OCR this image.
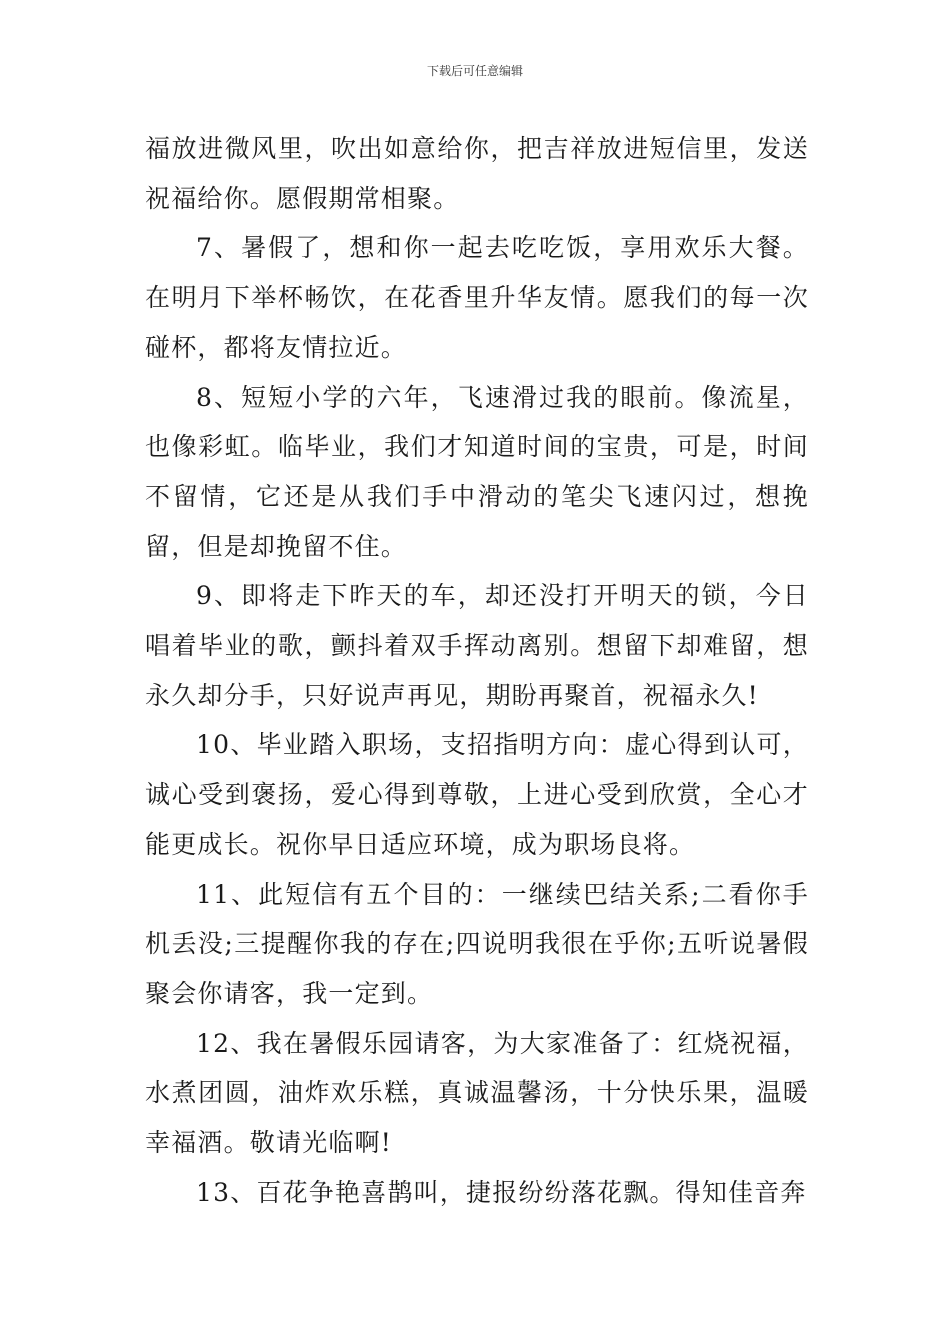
下载后可任意编辑

福放进微风里，吹出如意给你，把吉祥放进短信里，发送祝福给你。愿假期常相聚。

7、暑假了，想和你一起去吃吃饭，享用欢乐大餐。在明月下举杯畅饮，在花香里升华友情。愿我们的每一次碰杯，都将友情拉近。

8、短短小学的六年，飞速滑过我的眼前。像流星，也像彩虹。临毕业，我们才知道时间的宝贵，可是，时间不留情，它还是从我们手中滑动的笔尖飞速闪过，想挽留，但是却挽留不住。

9、即将走下昨天的车，却还没打开明天的锁，今日唱着毕业的歌，颤抖着双手挥动离别。想留下却难留，想永久却分手，只好说声再见，期盼再聚首，祝福永久!

10、毕业踏入职场，支招指明方向：虚心得到认可，诚心受到褒扬，爱心得到尊敬，上进心受到欣赏，全心才能更成长。祝你早日适应环境，成为职场良将。

11、此短信有五个目的：一继续巴结关系;二看你手机丢没;三提醒你我的存在;四说明我很在乎你;五听说暑假聚会你请客，我一定到。

12、我在暑假乐园请客，为大家准备了：红烧祝福，水煮团圆，油炸欢乐糕，真诚温馨汤，十分快乐果，温暖幸福酒。敬请光临啊!

13、百花争艳喜鹊叫，捷报纷纷落花飘。得知佳音奔
